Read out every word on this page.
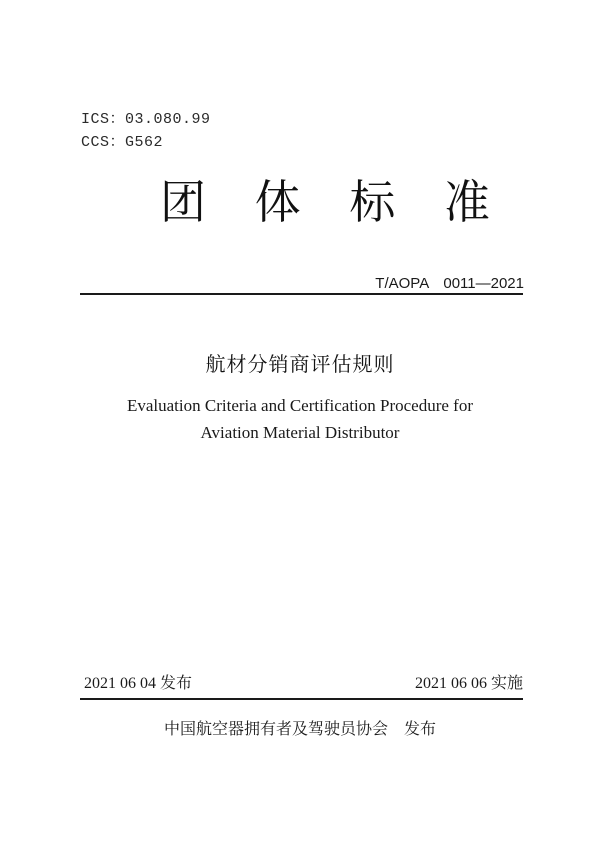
ICS：03.080.99
CCS：G562
团 体 标 准
T/AOPA　0011—2021
航材分销商评估规则
Evaluation Criteria and Certification Procedure for
Aviation Material Distributor
2021 06 04 发布	2021 06 06 实施
中国航空器拥有者及驾驶员协会　发布
